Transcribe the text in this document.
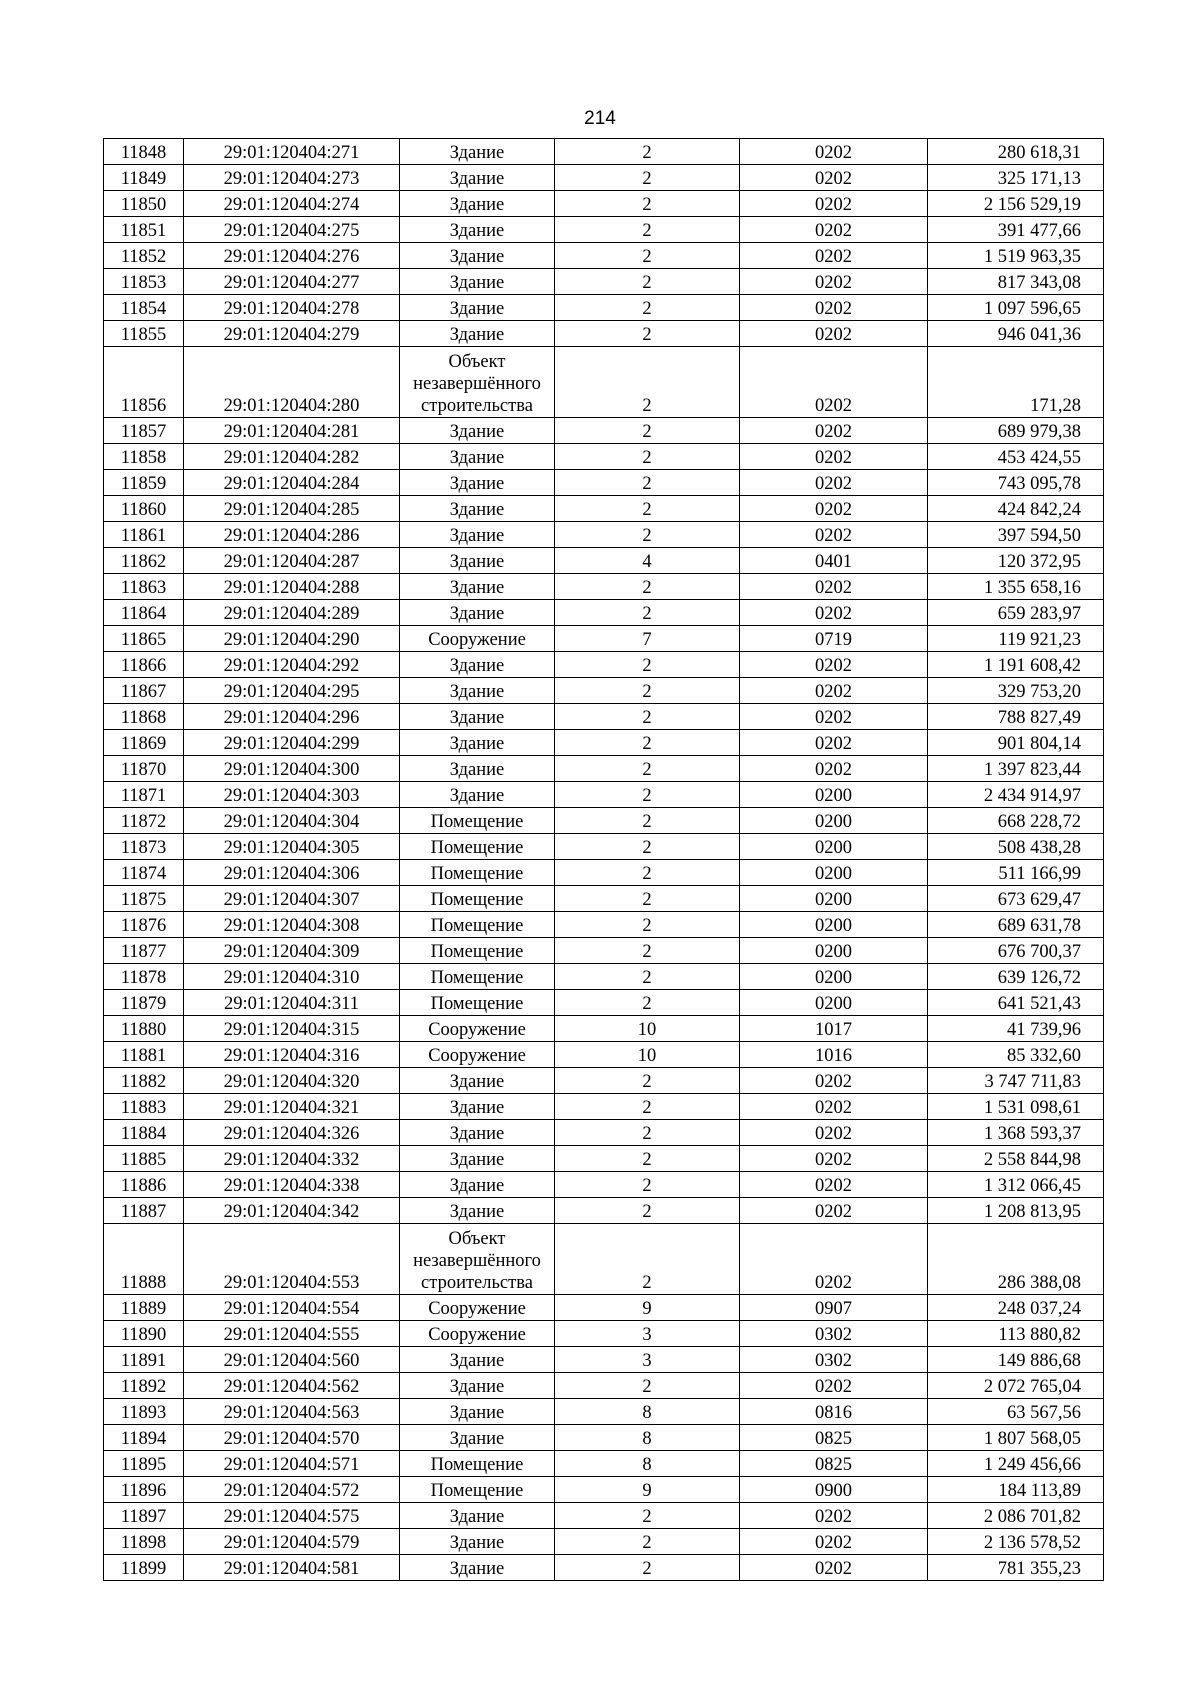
214
11848	29:01:120404:271	Здание	2	0202	280 618,31
11849	29:01:120404:273	Здание	2	0202	325 171,13
11850	29:01:120404:274	Здание	2	0202	2 156 529,19
11851	29:01:120404:275	Здание	2	0202	391 477,66
11852	29:01:120404:276	Здание	2	0202	1 519 963,35
11853	29:01:120404:277	Здание	2	0202	817 343,08
11854	29:01:120404:278	Здание	2	0202	1 097 596,65
11855	29:01:120404:279	Здание	2	0202	946 041,36
11856	29:01:120404:280	Объект незавершённого строительства	2	0202	171,28
11857	29:01:120404:281	Здание	2	0202	689 979,38
11858	29:01:120404:282	Здание	2	0202	453 424,55
11859	29:01:120404:284	Здание	2	0202	743 095,78
11860	29:01:120404:285	Здание	2	0202	424 842,24
11861	29:01:120404:286	Здание	2	0202	397 594,50
11862	29:01:120404:287	Здание	4	0401	120 372,95
11863	29:01:120404:288	Здание	2	0202	1 355 658,16
11864	29:01:120404:289	Здание	2	0202	659 283,97
11865	29:01:120404:290	Сооружение	7	0719	119 921,23
11866	29:01:120404:292	Здание	2	0202	1 191 608,42
11867	29:01:120404:295	Здание	2	0202	329 753,20
11868	29:01:120404:296	Здание	2	0202	788 827,49
11869	29:01:120404:299	Здание	2	0202	901 804,14
11870	29:01:120404:300	Здание	2	0202	1 397 823,44
11871	29:01:120404:303	Здание	2	0200	2 434 914,97
11872	29:01:120404:304	Помещение	2	0200	668 228,72
11873	29:01:120404:305	Помещение	2	0200	508 438,28
11874	29:01:120404:306	Помещение	2	0200	511 166,99
11875	29:01:120404:307	Помещение	2	0200	673 629,47
11876	29:01:120404:308	Помещение	2	0200	689 631,78
11877	29:01:120404:309	Помещение	2	0200	676 700,37
11878	29:01:120404:310	Помещение	2	0200	639 126,72
11879	29:01:120404:311	Помещение	2	0200	641 521,43
11880	29:01:120404:315	Сооружение	10	1017	41 739,96
11881	29:01:120404:316	Сооружение	10	1016	85 332,60
11882	29:01:120404:320	Здание	2	0202	3 747 711,83
11883	29:01:120404:321	Здание	2	0202	1 531 098,61
11884	29:01:120404:326	Здание	2	0202	1 368 593,37
11885	29:01:120404:332	Здание	2	0202	2 558 844,98
11886	29:01:120404:338	Здание	2	0202	1 312 066,45
11887	29:01:120404:342	Здание	2	0202	1 208 813,95
11888	29:01:120404:553	Объект незавершённого строительства	2	0202	286 388,08
11889	29:01:120404:554	Сооружение	9	0907	248 037,24
11890	29:01:120404:555	Сооружение	3	0302	113 880,82
11891	29:01:120404:560	Здание	3	0302	149 886,68
11892	29:01:120404:562	Здание	2	0202	2 072 765,04
11893	29:01:120404:563	Здание	8	0816	63 567,56
11894	29:01:120404:570	Здание	8	0825	1 807 568,05
11895	29:01:120404:571	Помещение	8	0825	1 249 456,66
11896	29:01:120404:572	Помещение	9	0900	184 113,89
11897	29:01:120404:575	Здание	2	0202	2 086 701,82
11898	29:01:120404:579	Здание	2	0202	2 136 578,52
11899	29:01:120404:581	Здание	2	0202	781 355,23
